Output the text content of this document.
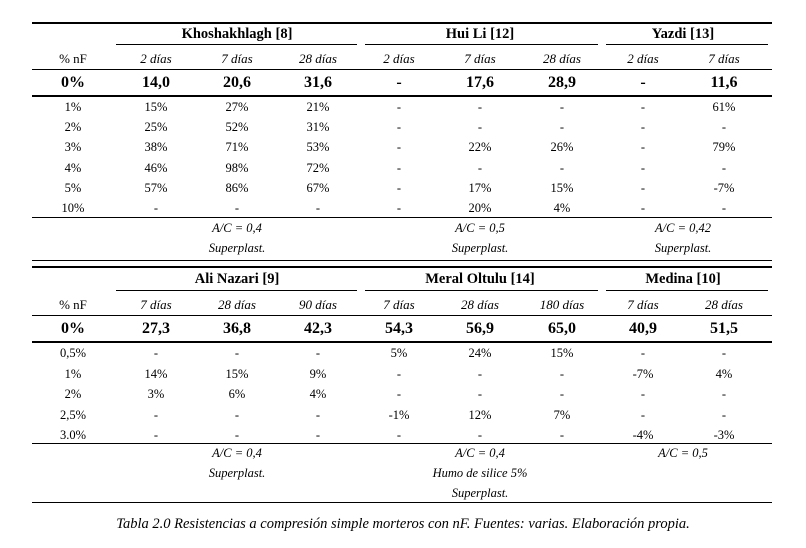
Khoshakhlagh [8]	Hui Li [12]	Yazdi [13]
% nF	2 días	7 días	28 días	2 días	7 días	28 días	2 días	7 días
0%	14,0	20,6	31,6	-	17,6	28,9	-	11,6
1%	15%	27%	21%	-	-	-	-	61%
2%	25%	52%	31%	-	-	-	-	-
3%	38%	71%	53%	-	22%	26%	-	79%
4%	46%	98%	72%	-	-	-	-	-
5%	57%	86%	67%	-	17%	15%	-	-7%
10%	-	-	-	-	20%	4%	-	-
A/C = 0,4
Superplast.
A/C = 0,5
Superplast.
A/C = 0,42
Superplast.
Ali Nazari [9]	Meral Oltulu [14]	Medina [10]
% nF	7 días	28 días	90 días	7 días	28 días	180 días	7 días	28 días
0%	27,3	36,8	42,3	54,3	56,9	65,0	40,9	51,5
0,5%	-	-	-	5%	24%	15%	-	-
1%	14%	15%	9%	-	-	-	-7%	4%
2%	3%	6%	4%	-	-	-	-	-
2,5%	-	-	-	-1%	12%	7%	-	-
3.0%	-	-	-	-	-	-	-4%	-3%
A/C = 0,4
Superplast.
A/C = 0,4
Humo de silice 5%
Superplast.
A/C = 0,5
Tabla 2.0 Resistencias a compresión simple morteros con nF. Fuentes: varias. Elaboración propia.
